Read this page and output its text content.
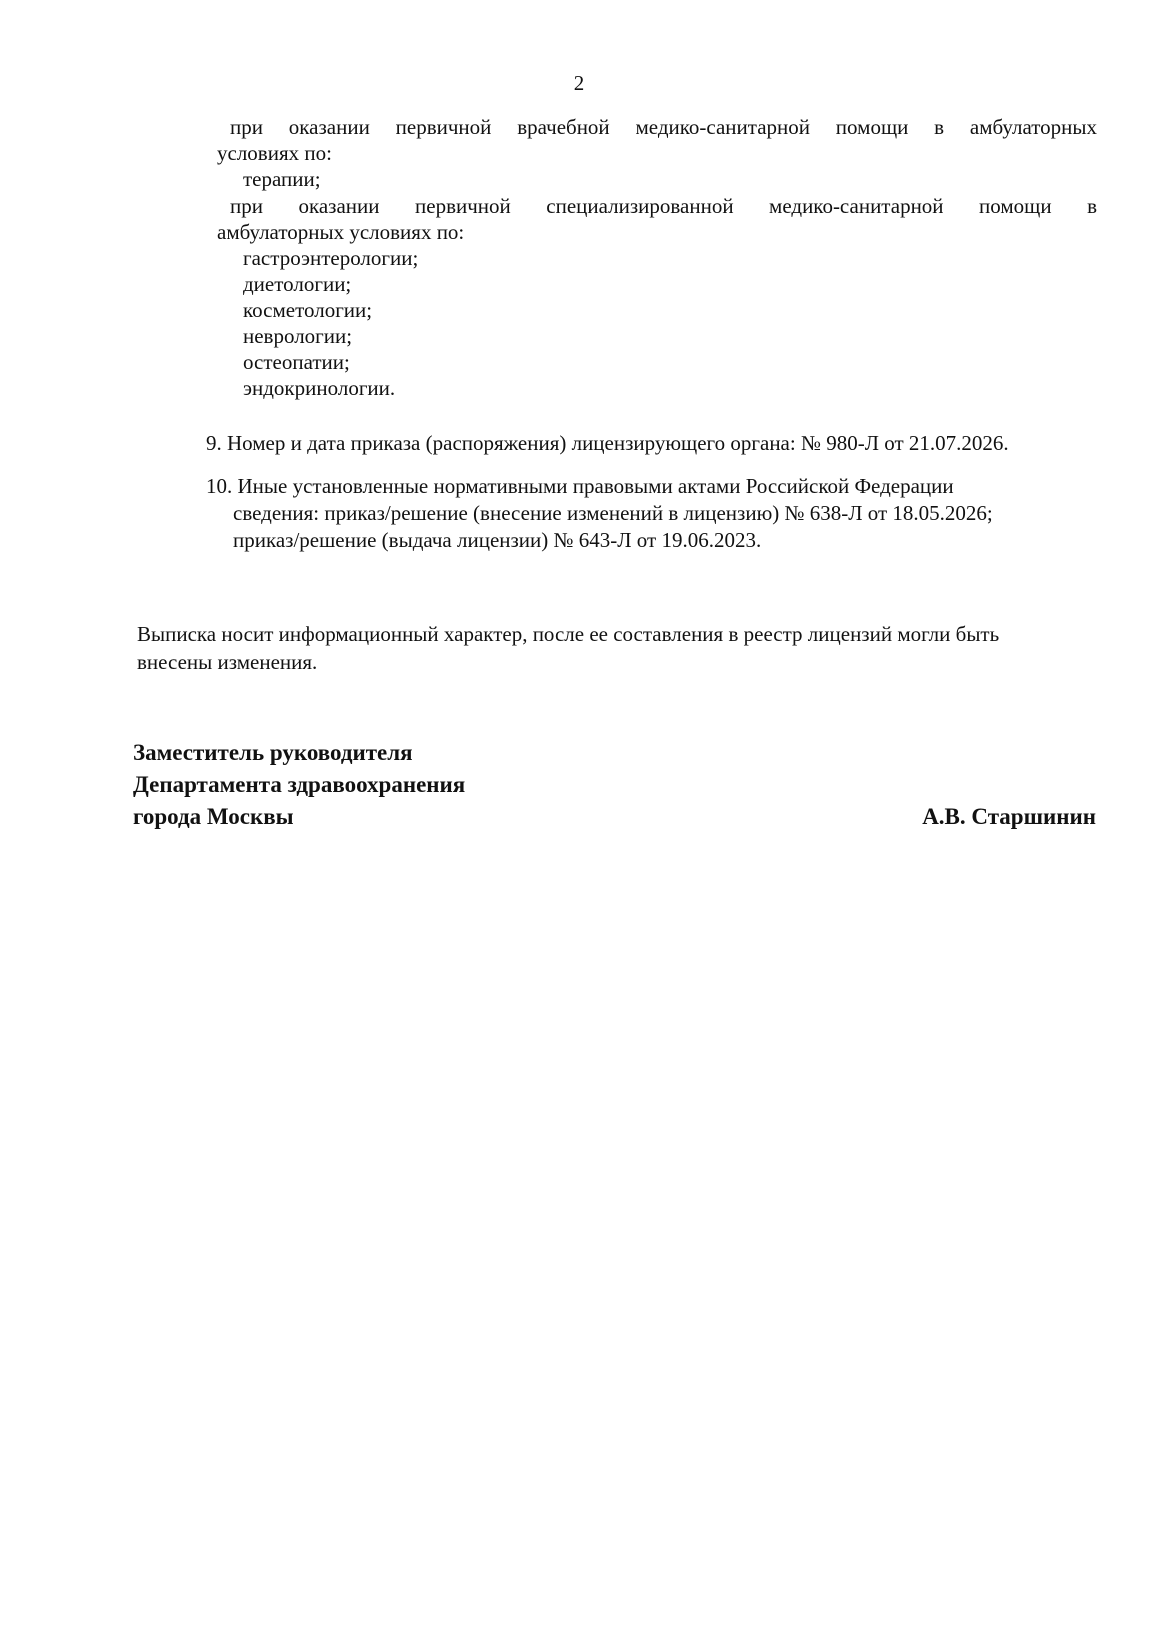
2
при оказании первичной врачебной медико-санитарной помощи в амбулаторных
условиях по:
терапии;
при оказании первичной специализированной медико-санитарной помощи в
амбулаторных условиях по:
гастроэнтерологии;
диетологии;
косметологии;
неврологии;
остеопатии;
эндокринологии.
9. Номер и дата приказа (распоряжения) лицензирующего органа: № 980-Л от 21.07.2026.
10. Иные установленные нормативными правовыми актами Российской Федерации
сведения: приказ/решение (внесение изменений в лицензию) № 638-Л от 18.05.2026;
приказ/решение (выдача лицензии) № 643-Л от 19.06.2023.
Выписка носит информационный характер, после ее составления в реестр лицензий могли быть
внесены изменения.
Заместитель руководителя
Департамента здравоохранения
города Москвы	А.В. Старшинин
